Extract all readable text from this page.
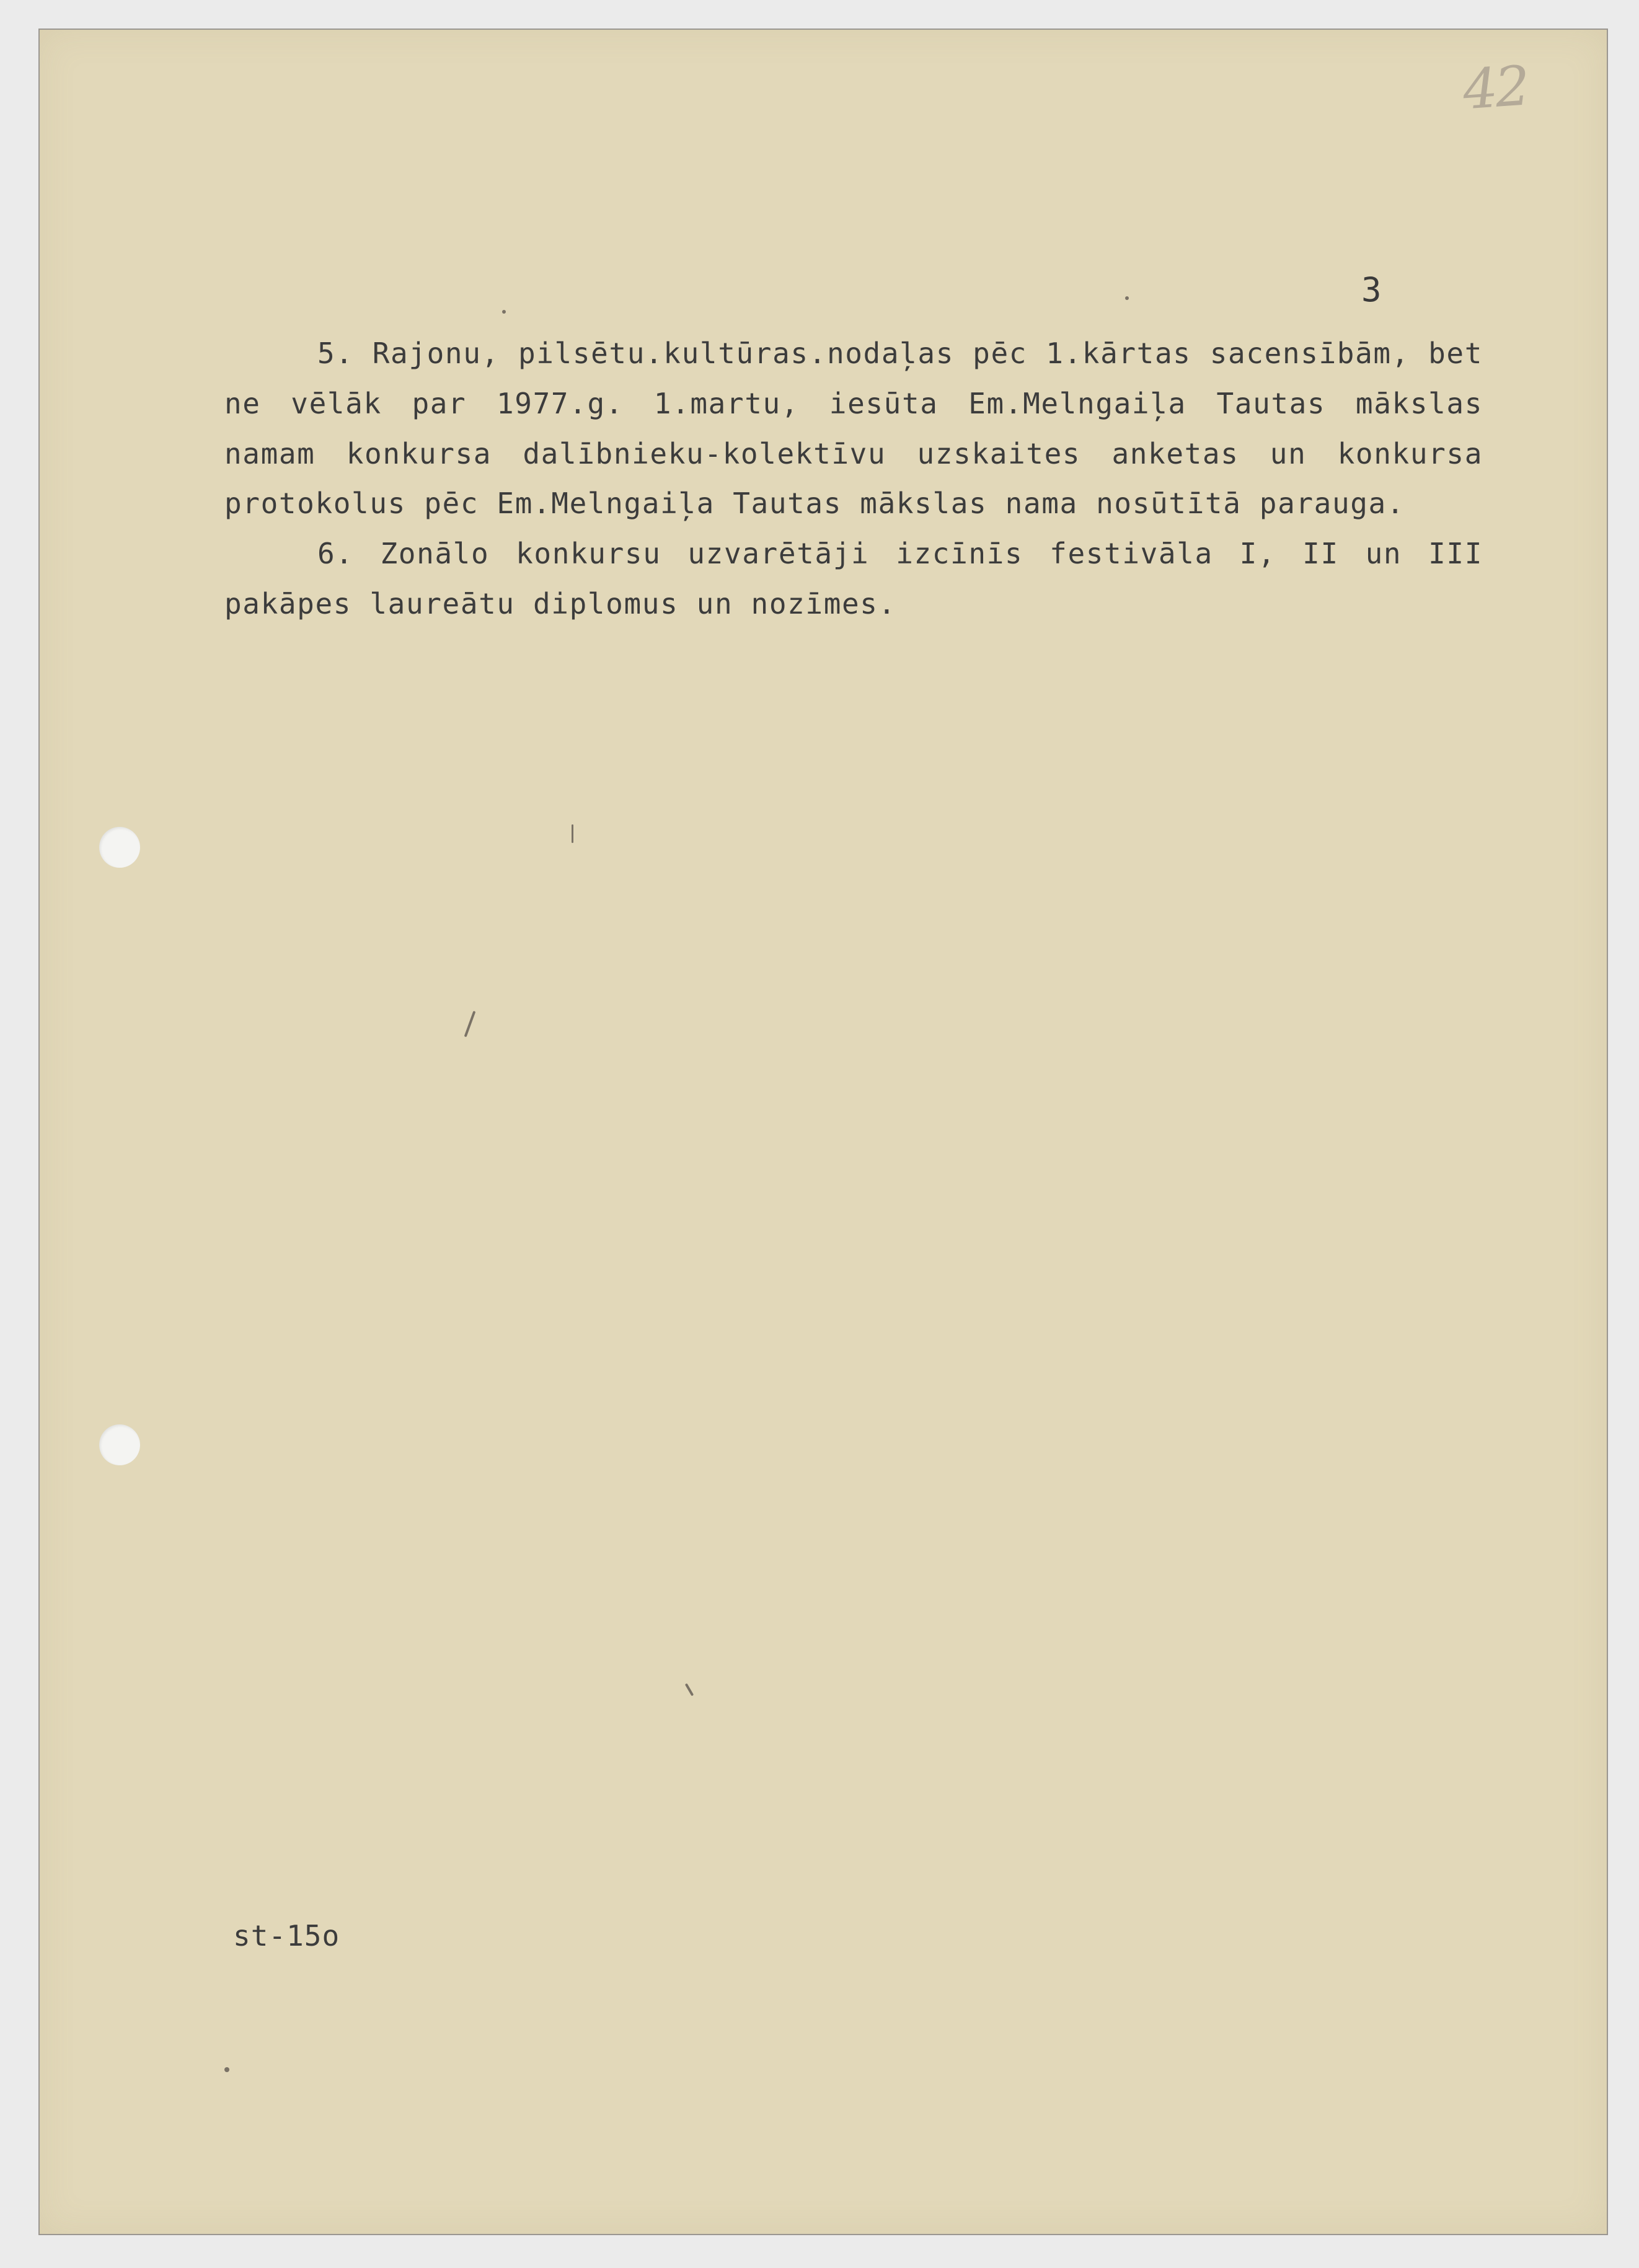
42
3

5. Rajonu, pilsētu.kultūras.nodaļas pēc 1.kārtas sacensībām, bet ne vēlāk par 1977.g. 1.martu, iesūta Em.Melngaiļa Tautas mākslas namam konkursa dalībnieku-kolektīvu uzskaites anketas un konkursa protokolus pēc Em.Melngaiļa Tautas mākslas nama nosūtītā parauga.

6. Zonālo konkursu uzvarētāji izcīnīs festivāla I, II un III pakāpes laureātu diplomus un nozīmes.

st-15o
